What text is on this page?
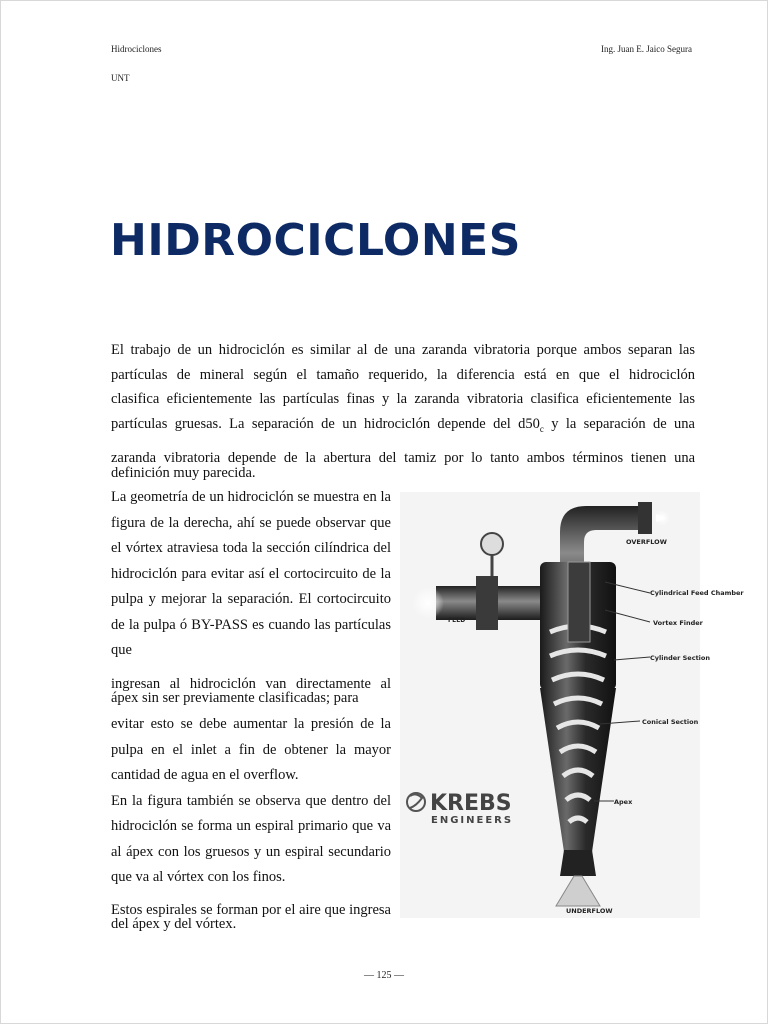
Hidrociclones	Ing. Juan E. Jaico Segura
UNT
HIDROCICLONES

El trabajo de un hidrociclón es similar al de una zaranda vibratoria porque ambos separan las

partículas de mineral según el tamaño requerido, la diferencia está en que el hidrociclón

clasifica eficientemente las partículas finas y la zaranda vibratoria clasifica eficientemente las

partículas gruesas. La separación de un hidrociclón depende del $d50_c$ y la separación de una

zaranda vibratoria depende de la abertura del tamiz por lo tanto ambos términos tienen una definición muy parecida.

La geometría de un hidrociclón se muestra en la figura de la derecha, ahí se puede observar que el vórtex atraviesa toda la sección cilíndrica del hidrociclón para evitar así el cortocircuito de la pulpa y mejorar la separación. El cortocircuito de la pulpa ó BY-PASS es cuando las partículas que

ingresan al hidrociclón van directamente al ápex sin ser previamente clasificadas; para

evitar esto se debe aumentar la presión de la pulpa en el inlet a fin de obtener la mayor cantidad de agua en el overflow.

En la figura también se observa que dentro del hidrociclón se forma un espiral primario que va al ápex con los gruesos y un espiral secundario que va al vórtex con los finos.

Estos espirales se forman por el aire que ingresa del ápex y del vórtex.

OVERFLOW
FEED
Cylindrical Feed Chamber
Vortex Finder
Cylinder Section
Conical Section
Apex
UNDERFLOW
KREBS
ENGINEERS
— 125 —
